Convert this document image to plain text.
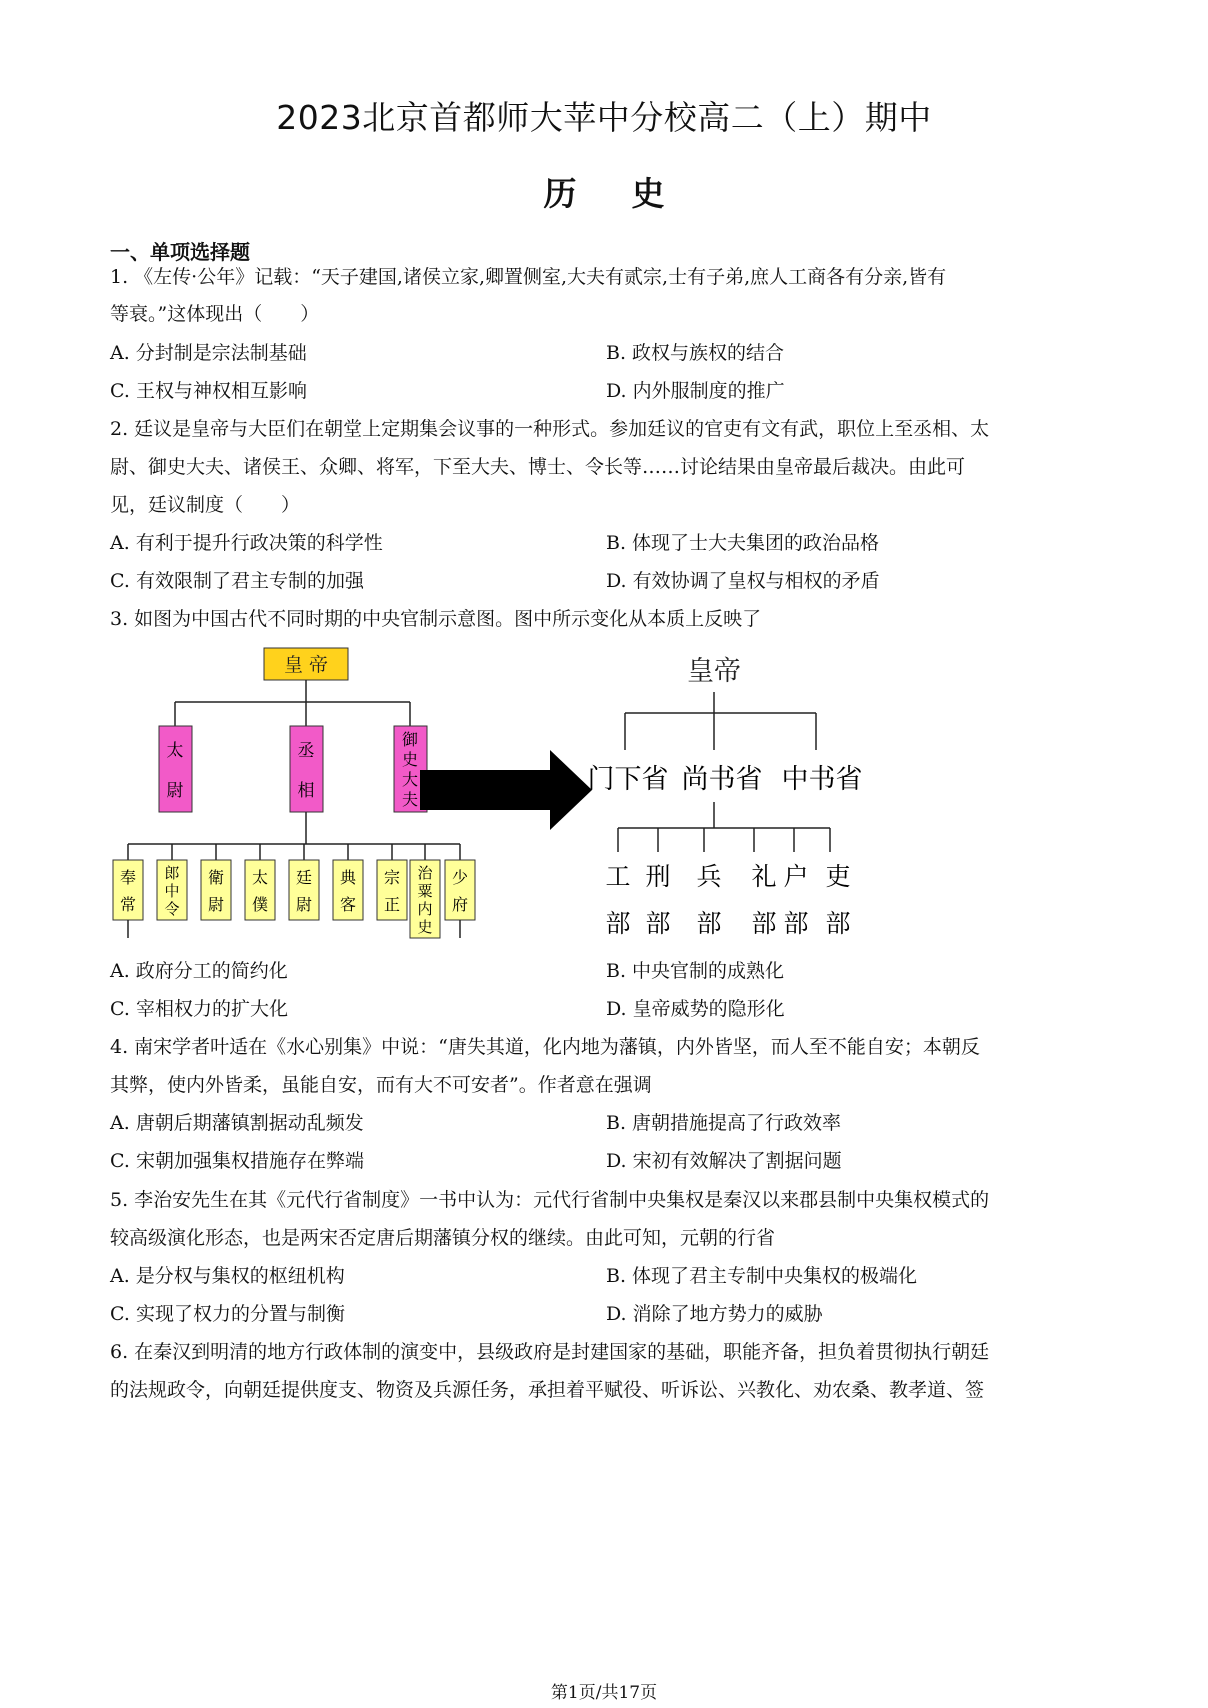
2023北京首都师大苹中分校高二（上）期中
历史
一、单项选择题
1. 《左传·公年》记载：“天子建国,诸侯立家,卿置侧室,大夫有贰宗,士有子弟,庶人工商各有分亲,皆有
等衰。”这体现出（　　）
A. 分封制是宗法制基础	B. 政权与族权的结合
C. 王权与神权相互影响	D. 内外服制度的推广
2. 廷议是皇帝与大臣们在朝堂上定期集会议事的一种形式。参加廷议的官吏有文有武，职位上至丞相、太
尉、御史大夫、诸侯王、众卿、将军，下至大夫、博士、令长等……讨论结果由皇帝最后裁决。由此可
见，廷议制度（　　）
A. 有利于提升行政决策的科学性	B. 体现了士大夫集团的政治品格
C. 有效限制了君主专制的加强	D. 有效协调了皇权与相权的矛盾
3. 如图为中国古代不同时期的中央官制示意图。图中所示变化从本质上反映了
皇 帝
太
尉
丞
相
御
史
大
夫
奉
常
郎
中
令
衛
尉
太
僕
廷
尉
典
客
宗
正
治
粟
内
史
少
府
皇帝
门下省 尚书省 中书省
工
部
刑
部
兵
部
礼
部
户
部
吏
部
A. 政府分工的简约化	B. 中央官制的成熟化
C. 宰相权力的扩大化	D. 皇帝威势的隐形化
4. 南宋学者叶适在《水心别集》中说：“唐失其道，化内地为藩镇，内外皆坚，而人至不能自安；本朝反
其弊，使内外皆柔，虽能自安，而有大不可安者”。作者意在强调
A. 唐朝后期藩镇割据动乱频发	B. 唐朝措施提高了行政效率
C. 宋朝加强集权措施存在弊端	D. 宋初有效解决了割据问题
5. 李治安先生在其《元代行省制度》一书中认为：元代行省制中央集权是秦汉以来郡县制中央集权模式的
较高级演化形态，也是两宋否定唐后期藩镇分权的继续。由此可知，元朝的行省
A. 是分权与集权的枢纽机构	B. 体现了君主专制中央集权的极端化
C. 实现了权力的分置与制衡	D. 消除了地方势力的威胁
6. 在秦汉到明清的地方行政体制的演变中，县级政府是封建国家的基础，职能齐备，担负着贯彻执行朝廷
的法规政令，向朝廷提供度支、物资及兵源任务，承担着平赋役、听诉讼、兴教化、劝农桑、教孝道、签
第1页/共17页
